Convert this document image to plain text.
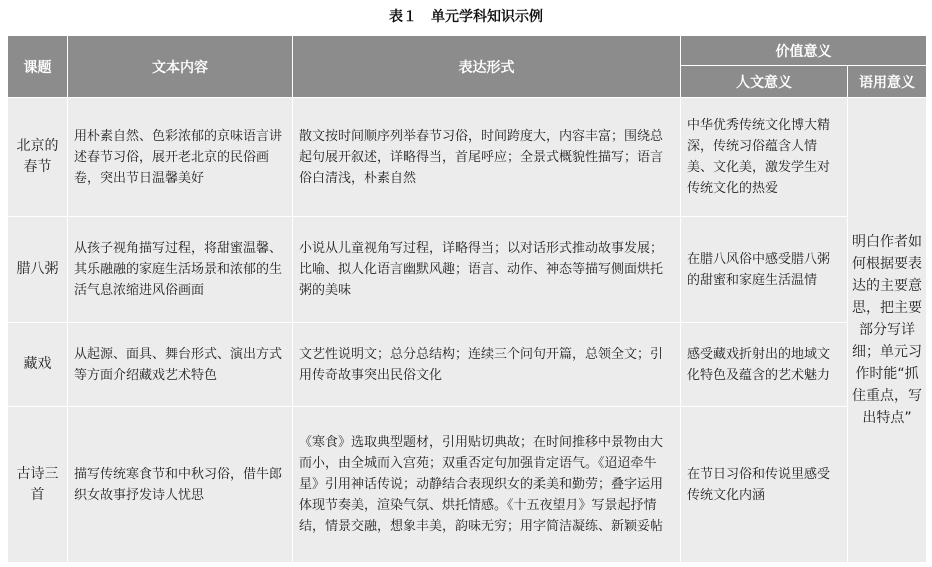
表１　单元学科知识示例
课题	文本内容	表达形式	价值意义	
			人文意义	语用意义
北京的春节	用朴素自然、色彩浓郁的京味语言讲述春节习俗，展开老北京的民俗画卷，突出节日温馨美好	散文按时间顺序列举春节习俗，时间跨度大，内容丰富；围绕总起句展开叙述，详略得当，首尾呼应；全景式概貌性描写；语言俗白清浅，朴素自然	中华优秀传统文化博大精深，传统习俗蕴含人情美、文化美，激发学生对传统文化的热爱	明白作者如何根据要表达的主要意思，把主要部分写详细；单元习作时能“抓住重点，写出特点”
腊八粥	从孩子视角描写过程，将甜蜜温馨、其乐融融的家庭生活场景和浓郁的生活气息浓缩进风俗画面	小说从儿童视角写过程，详略得当；以对话形式推动故事发展；比喻、拟人化语言幽默风趣；语言、动作、神态等描写侧面烘托粥的美味	在腊八风俗中感受腊八粥的甜蜜和家庭生活温情	
藏戏	从起源、面具、舞台形式、演出方式等方面介绍藏戏艺术特色	文艺性说明文；总分总结构；连续三个问句开篇，总领全文；引用传奇故事突出民俗文化	感受藏戏折射出的地域文化特色及蕴含的艺术魅力	
古诗三首	描写传统寒食节和中秋习俗，借牛郎织女故事抒发诗人忧思	《寒食》选取典型题材，引用贴切典故；在时间推移中景物由大而小，由全城而入宫苑；双重否定句加强肯定语气。《迢迢牵牛星》引用神话传说；动静结合表现织女的柔美和勤劳；叠字运用体现节奏美，渲染气氛、烘托情感。《十五夜望月》写景起抒情结，情景交融，想象丰美，韵味无穷；用字简洁凝练、新颖妥帖	在节日习俗和传说里感受传统文化内涵	
